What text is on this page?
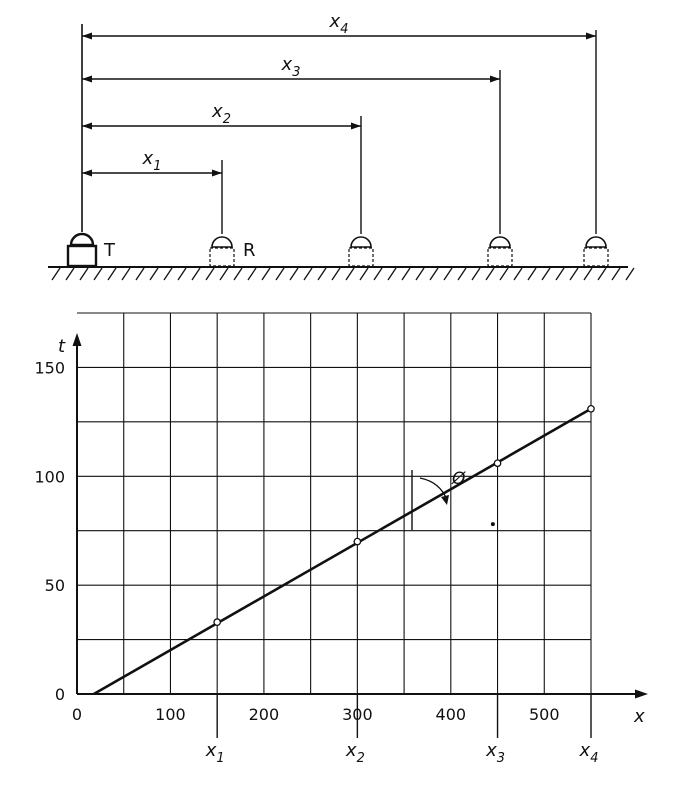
T	R
$x_1$
$x_2$
$x_3$
$x_4$
0	100	200	300	400	500
0
50
100
150
$x_1$	$x_2$	$x_3$	$x_4$
Ø
x
t
